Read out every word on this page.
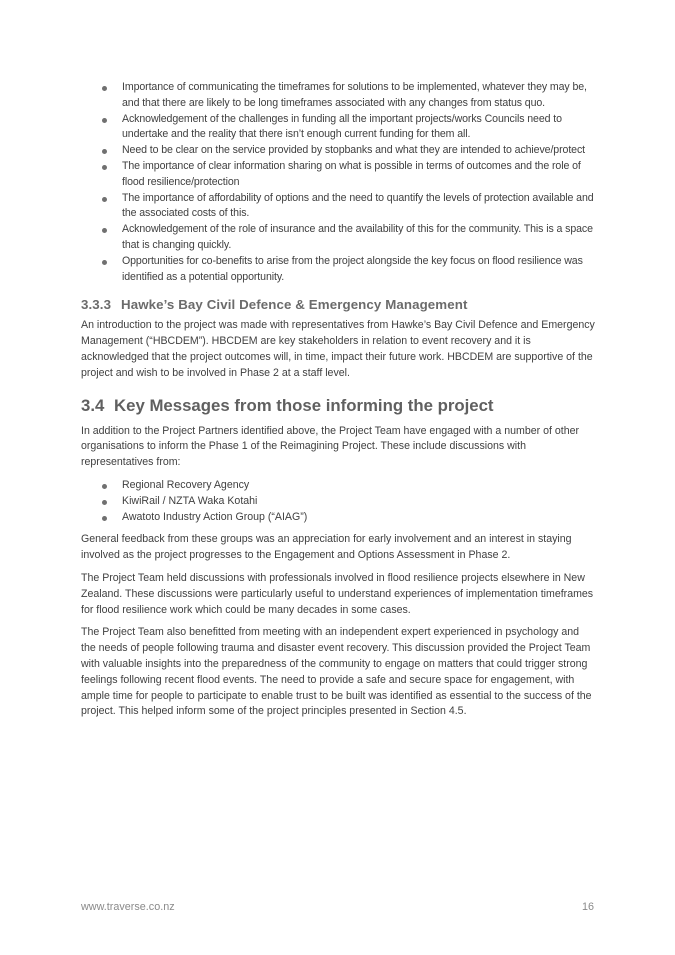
Importance of communicating the timeframes for solutions to be implemented, whatever they may be, and that there are likely to be long timeframes associated with any changes from status quo.
Acknowledgement of the challenges in funding all the important projects/works Councils need to undertake and the reality that there isn’t enough current funding for them all.
Need to be clear on the service provided by stopbanks and what they are intended to achieve/protect
The importance of clear information sharing on what is possible in terms of outcomes and the role of flood resilience/protection
The importance of affordability of options and the need to quantify the levels of protection available and the associated costs of this.
Acknowledgement of the role of insurance and the availability of this for the community. This is a space that is changing quickly.
Opportunities for co-benefits to arise from the project alongside the key focus on flood resilience was identified as a potential opportunity.
3.3.3 Hawke’s Bay Civil Defence & Emergency Management

An introduction to the project was made with representatives from Hawke’s Bay Civil Defence and Emergency Management (“HBCDEM”). HBCDEM are key stakeholders in relation to event recovery and it is acknowledged that the project outcomes will, in time, impact their future work. HBCDEM are supportive of the project and wish to be involved in Phase 2 at a staff level.

3.4 Key Messages from those informing the project

In addition to the Project Partners identified above, the Project Team have engaged with a number of other organisations to inform the Phase 1 of the Reimagining Project. These include discussions with representatives from:

Regional Recovery Agency
KiwiRail / NZTA Waka Kotahi
Awatoto Industry Action Group (“AIAG”)

General feedback from these groups was an appreciation for early involvement and an interest in staying involved as the project progresses to the Engagement and Options Assessment in Phase 2.

The Project Team held discussions with professionals involved in flood resilience projects elsewhere in New Zealand. These discussions were particularly useful to understand experiences of implementation timeframes for flood resilience work which could be many decades in some cases.

The Project Team also benefitted from meeting with an independent expert experienced in psychology and the needs of people following trauma and disaster event recovery. This discussion provided the Project Team with valuable insights into the preparedness of the community to engage on matters that could trigger strong feelings following recent flood events. The need to provide a safe and secure space for engagement, with ample time for people to participate to enable trust to be built was identified as essential to the success of the project. This helped inform some of the project principles presented in Section 4.5.

www.traverse.co.nz	16
